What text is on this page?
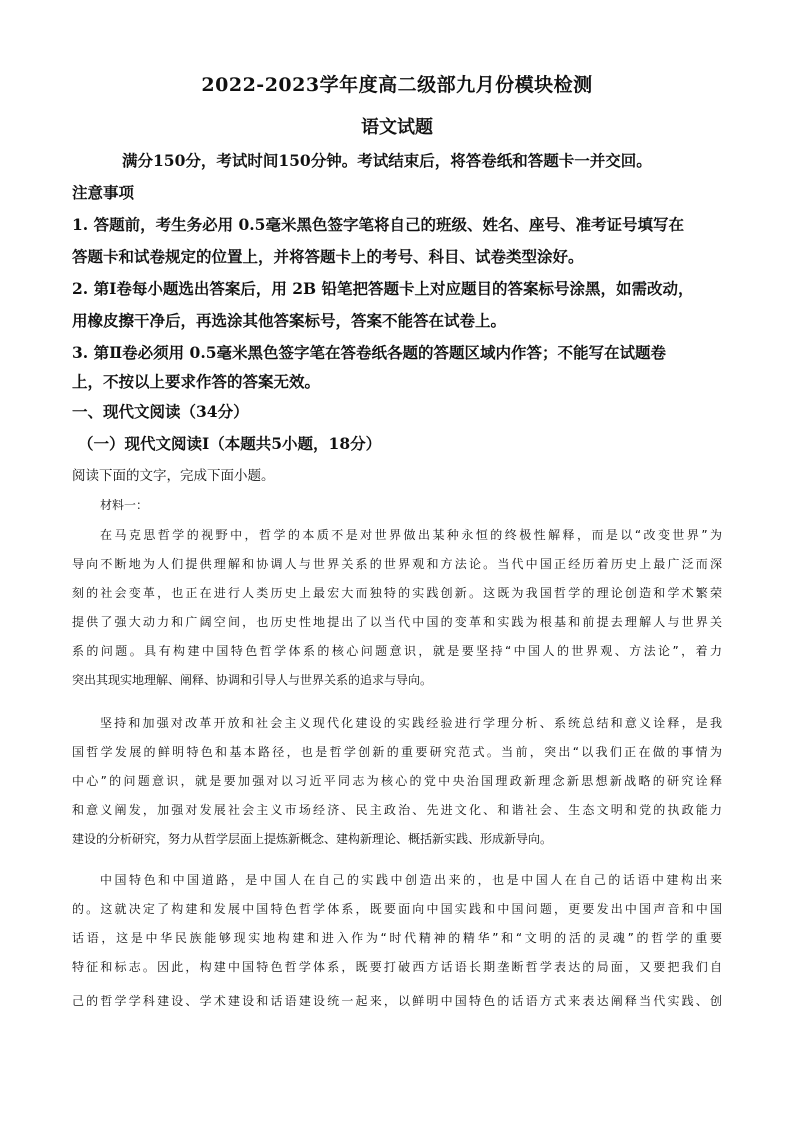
2022-2023学年度高二级部九月份模块检测
语文试题
满分150分，考试时间150分钟。考试结束后，将答卷纸和答题卡一并交回。
注意事项
1. 答题前，考生务必用 0.5毫米黑色签字笔将自己的班级、姓名、座号、准考证号填写在
答题卡和试卷规定的位置上，并将答题卡上的考号、科目、试卷类型涂好。
2. 第Ⅰ卷每小题选出答案后，用 2B 铅笔把答题卡上对应题目的答案标号涂黑，如需改动，
用橡皮擦干净后，再选涂其他答案标号，答案不能答在试卷上。
3. 第Ⅱ卷必须用 0.5毫米黑色签字笔在答卷纸各题的答题区域内作答；不能写在试题卷
上，不按以上要求作答的答案无效。
一、现代文阅读（34分）
（一）现代文阅读Ⅰ（本题共5小题，18分）
阅读下面的文字，完成下面小题。
材料一：
在马克思哲学的视野中，哲学的本质不是对世界做出某种永恒的终极性解释，而是以“改变世界”为
导向不断地为人们提供理解和协调人与世界关系的世界观和方法论。当代中国正经历着历史上最广泛而深
刻的社会变革，也正在进行人类历史上最宏大而独特的实践创新。这既为我国哲学的理论创造和学术繁荣
提供了强大动力和广阔空间，也历史性地提出了以当代中国的变革和实践为根基和前提去理解人与世界关
系的问题。具有构建中国特色哲学体系的核心问题意识，就是要坚持“中国人的世界观、方法论”，着力
突出其现实地理解、阐释、协调和引导人与世界关系的追求与导向。
坚持和加强对改革开放和社会主义现代化建设的实践经验进行学理分析、系统总结和意义诠释，是我
国哲学发展的鲜明特色和基本路径，也是哲学创新的重要研究范式。当前，突出“以我们正在做的事情为
中心”的问题意识，就是要加强对以习近平同志为核心的党中央治国理政新理念新思想新战略的研究诠释
和意义阐发，加强对发展社会主义市场经济、民主政治、先进文化、和谐社会、生态文明和党的执政能力
建设的分析研究，努力从哲学层面上提炼新概念、建构新理论、概括新实践、形成新导向。
中国特色和中国道路，是中国人在自己的实践中创造出来的，也是中国人在自己的话语中建构出来
的。这就决定了构建和发展中国特色哲学体系，既要面向中国实践和中国问题，更要发出中国声音和中国
话语，这是中华民族能够现实地构建和进入作为“时代精神的精华”和“文明的活的灵魂”的哲学的重要
特征和标志。因此，构建中国特色哲学体系，既要打破西方话语长期垄断哲学表达的局面，又要把我们自
己的哲学学科建设、学术建设和话语建设统一起来，以鲜明中国特色的话语方式来表达阐释当代实践、创
